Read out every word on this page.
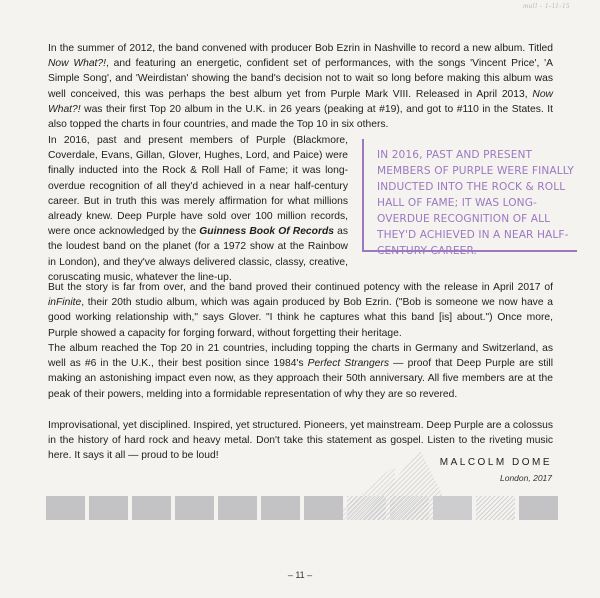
mull - 1-11-15

In the summer of 2012, the band convened with producer Bob Ezrin in Nashville to record a new album. Titled Now What?!, and featuring an energetic, confident set of performances, with the songs 'Vincent Price', 'A Simple Song', and 'Weirdistan' showing the band's decision not to wait so long before making this album was well conceived, this was perhaps the best album yet from Purple Mark VIII. Released in April 2013, Now What?! was their first Top 20 album in the U.K. in 26 years (peaking at #19), and got to #110 in the States. It also topped the charts in four countries, and made the Top 10 in six others.

In 2016, past and present members of Purple (Blackmore, Coverdale, Evans, Gillan, Glover, Hughes, Lord, and Paice) were finally inducted into the Rock & Roll Hall of Fame; it was long-overdue recognition of all they'd achieved in a near half-century career. But in truth this was merely affirmation for what millions already knew. Deep Purple have sold over 100 million records, were once acknowledged by the Guinness Book Of Records as the loudest band on the planet (for a 1972 show at the Rainbow in London), and they've always delivered classic, classy, creative, coruscating music, whatever the line-up.

IN 2016, PAST AND PRESENT MEMBERS OF PURPLE WERE FINALLY INDUCTED INTO THE ROCK & ROLL HALL OF FAME; IT WAS LONG-OVERDUE RECOGNITION OF ALL THEY'D ACHIEVED IN A NEAR HALF-CENTURY CAREER.

But the story is far from over, and the band proved their continued potency with the release in April 2017 of inFinite, their 20th studio album, which was again produced by Bob Ezrin. ("Bob is someone we now have a good working relationship with," says Glover. "I think he captures what this band [is] about.") Once more, Purple showed a capacity for forging forward, without forgetting their heritage.

The album reached the Top 20 in 21 countries, including topping the charts in Germany and Switzerland, as well as #6 in the U.K., their best position since 1984's Perfect Strangers — proof that Deep Purple are still making an astonishing impact even now, as they approach their 50th anniversary. All five members are at the peak of their powers, melding into a formidable representation of why they are so revered.

Improvisational, yet disciplined. Inspired, yet structured. Pioneers, yet mainstream. Deep Purple are a colossus in the history of hard rock and heavy metal. Don't take this statement as gospel. Listen to the riveting music here. It says it all — proud to be loud!

MALCOLM DOME
London, 2017
– 11 –
